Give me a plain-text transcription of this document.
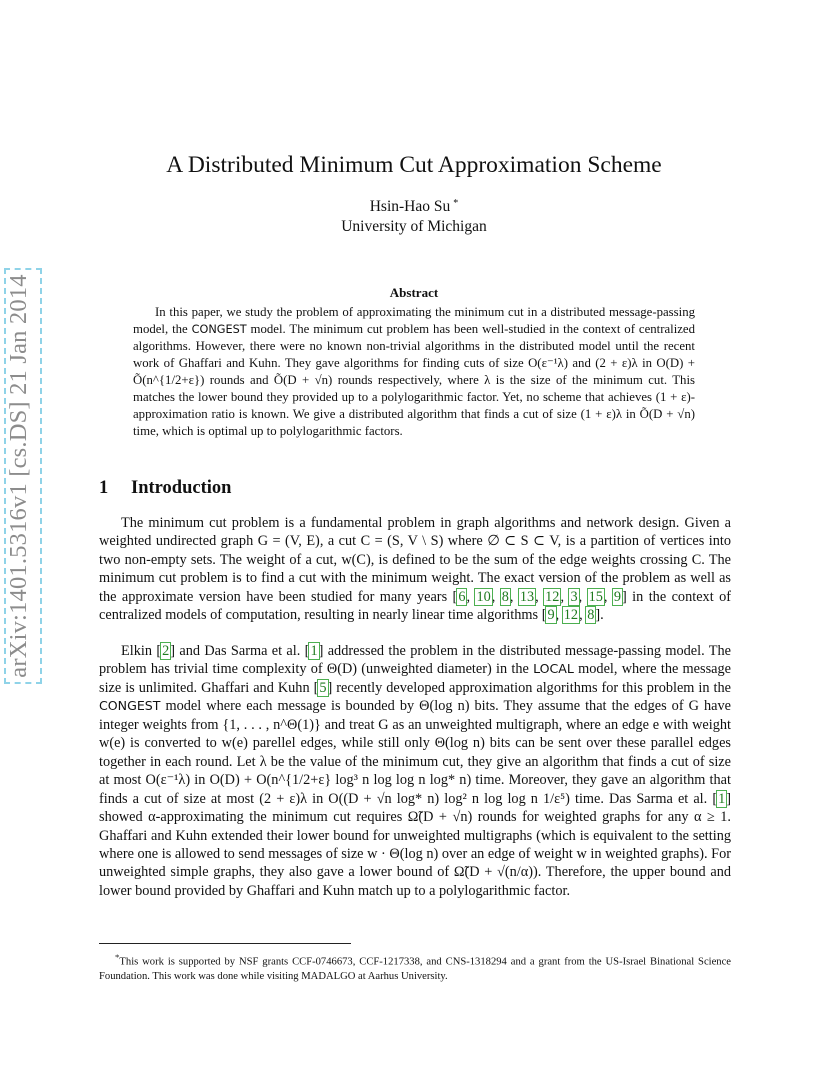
arXiv:1401.5316v1 [cs.DS] 21 Jan 2014
A Distributed Minimum Cut Approximation Scheme
Hsin-Hao Su *
University of Michigan
Abstract
In this paper, we study the problem of approximating the minimum cut in a distributed message-passing model, the CONGEST model. The minimum cut problem has been well-studied in the context of centralized algorithms. However, there were no known non-trivial algorithms in the distributed model until the recent work of Ghaffari and Kuhn. They gave algorithms for finding cuts of size O(ε⁻¹λ) and (2 + ε)λ in O(D) + Õ(n^{1/2+ε}) rounds and Õ(D + √n) rounds respectively, where λ is the size of the minimum cut. This matches the lower bound they provided up to a polylogarithmic factor. Yet, no scheme that achieves (1 + ε)-approximation ratio is known. We give a distributed algorithm that finds a cut of size (1 + ε)λ in Õ(D + √n) time, which is optimal up to polylogarithmic factors.
1 Introduction
The minimum cut problem is a fundamental problem in graph algorithms and network design. Given a weighted undirected graph G = (V, E), a cut C = (S, V \ S) where ∅ ⊂ S ⊂ V, is a partition of vertices into two non-empty sets. The weight of a cut, w(C), is defined to be the sum of the edge weights crossing C. The minimum cut problem is to find a cut with the minimum weight. The exact version of the problem as well as the approximate version have been studied for many years [6, 10, 8, 13, 12, 3, 15, 9] in the context of centralized models of computation, resulting in nearly linear time algorithms [9, 12, 8].
Elkin [2] and Das Sarma et al. [1] addressed the problem in the distributed message-passing model. The problem has trivial time complexity of Θ(D) (unweighted diameter) in the LOCAL model, where the message size is unlimited. Ghaffari and Kuhn [5] recently developed approximation algorithms for this problem in the CONGEST model where each message is bounded by Θ(log n) bits. They assume that the edges of G have integer weights from {1, . . . , n^Θ(1)} and treat G as an unweighted multigraph, where an edge e with weight w(e) is converted to w(e) parellel edges, while still only Θ(log n) bits can be sent over these parallel edges together in each round. Let λ be the value of the minimum cut, they give an algorithm that finds a cut of size at most O(ε⁻¹λ) in O(D) + O(n^{1/2+ε} log³ n log log n log* n) time. Moreover, they gave an algorithm that finds a cut of size at most (2 + ε)λ in O((D + √n log* n) log² n log log n 1/ε⁵) time. Das Sarma et al. [1] showed α-approximating the minimum cut requires Ω̃(D + √n) rounds for weighted graphs for any α ≥ 1. Ghaffari and Kuhn extended their lower bound for unweighted multigraphs (which is equivalent to the setting where one is allowed to send messages of size w · Θ(log n) over an edge of weight w in weighted graphs). For unweighted simple graphs, they also gave a lower bound of Ω̃(D + √(n/α)). Therefore, the upper bound and lower bound provided by Ghaffari and Kuhn match up to a polylogarithmic factor.
*This work is supported by NSF grants CCF-0746673, CCF-1217338, and CNS-1318294 and a grant from the US-Israel Binational Science Foundation. This work was done while visiting MADALGO at Aarhus University.
